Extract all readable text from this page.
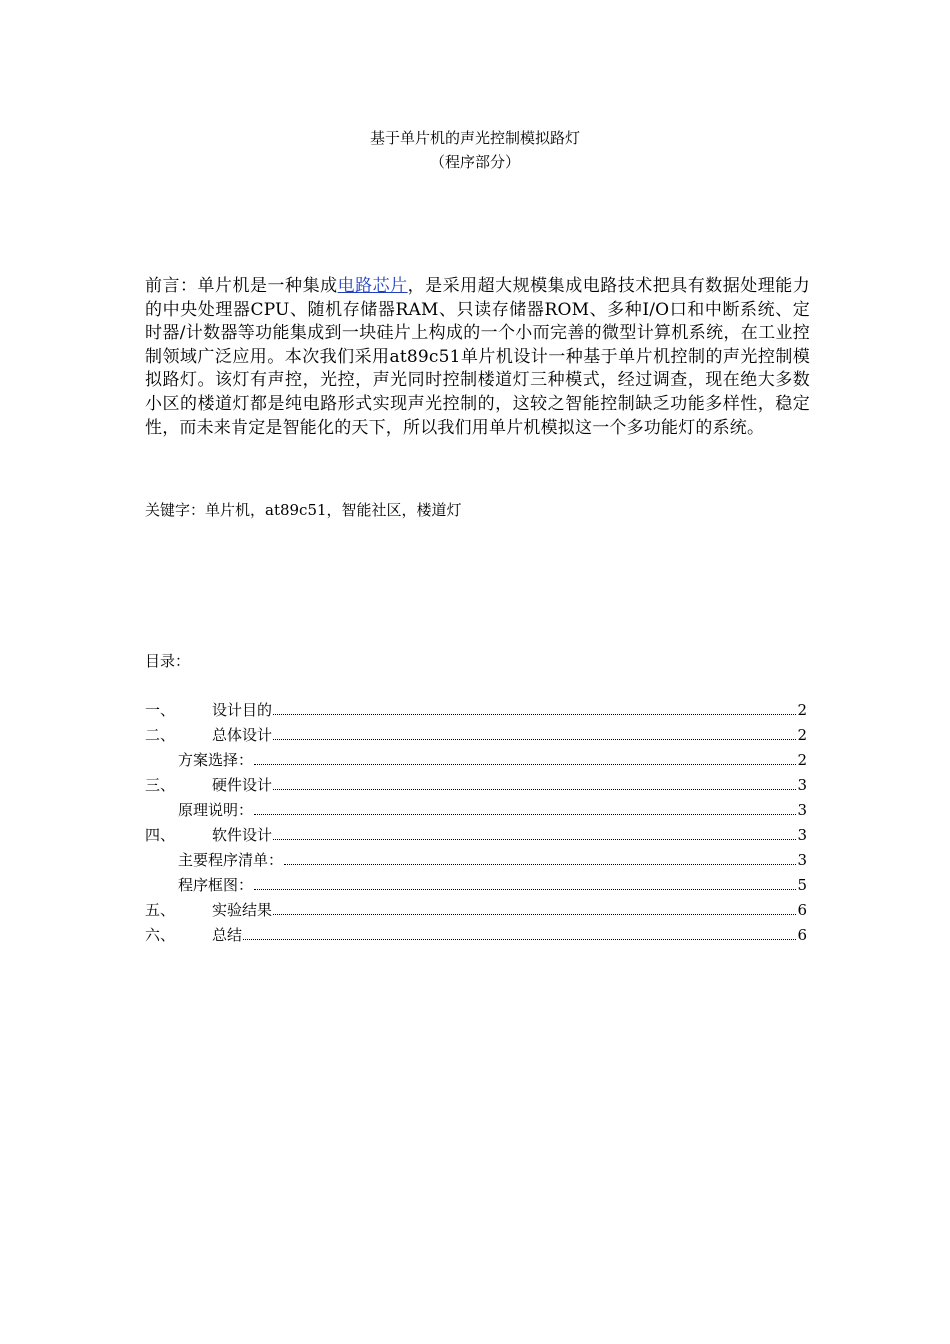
基于单片机的声光控制模拟路灯
（程序部分）

前言：单片机是一种集成电路芯片，是采用超大规模集成电路技术把具有数据处理能力的中央处理器CPU、随机存储器RAM、只读存储器ROM、多种I/O口和中断系统、定时器/计数器等功能集成到一块硅片上构成的一个小而完善的微型计算机系统，在工业控制领域广泛应用。本次我们采用at89c51单片机设计一种基于单片机控制的声光控制模拟路灯。该灯有声控，光控，声光同时控制楼道灯三种模式，经过调查，现在绝大多数小区的楼道灯都是纯电路形式实现声光控制的，这较之智能控制缺乏功能多样性，稳定性，而未来肯定是智能化的天下，所以我们用单片机模拟这一个多功能灯的系统。

关键字：单片机，at89c51，智能社区，楼道灯
目录：
一、	设计目的	2
二、	总体设计	2
方案选择：	2
三、	硬件设计	3
原理说明：	3
四、	软件设计	3
主要程序清单：	3
程序框图：	5
五、	实验结果	6
六、	总结	6
